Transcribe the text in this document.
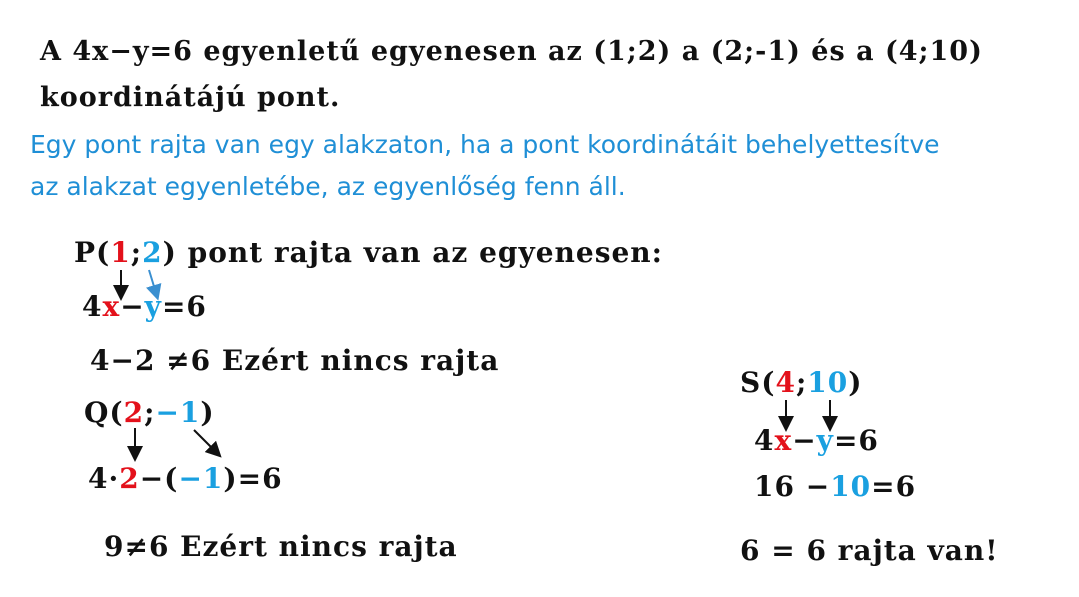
A 4x−y=6 egyenletű egyenesen az (1;2) a (2;-1) és a (4;10)
koordinátájú pont.
Egy pont rajta van egy alakzaton, ha a pont koordinátáit behelyettesítve
az alakzat egyenletébe, az egyenlőség fenn áll.
P(1;2) pont rajta van az egyenesen:
4x−y=6
4−2 ≠6 Ezért nincs rajta
Q(2;−1)
4·2−(−1)=6
9≠6 Ezért nincs rajta
S(4;10)
4x−y=6
16 −10=6
6 = 6 rajta van!
